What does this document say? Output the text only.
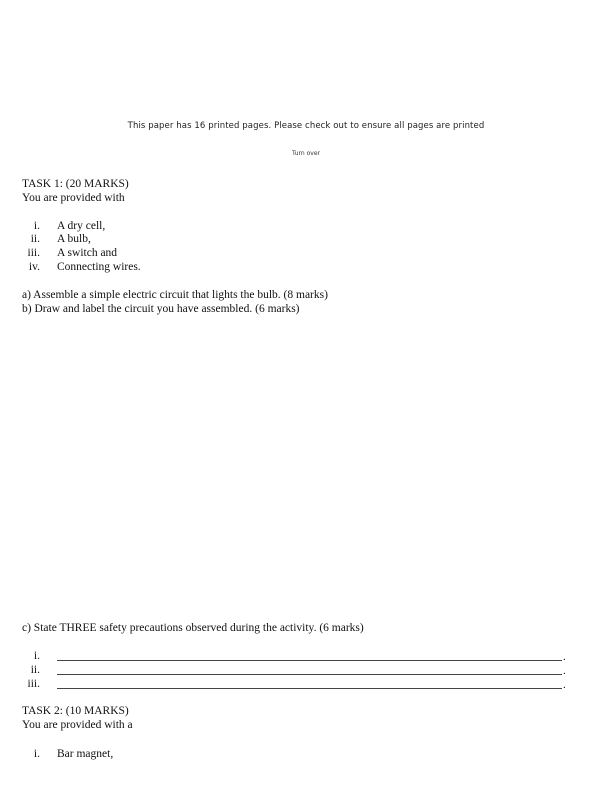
This paper has 16 printed pages. Please check out to ensure all pages are printed
Turn over
TASK 1: (20 MARKS)
You are provided with
i. A dry cell,
ii. A bulb,
iii. A switch and
iv. Connecting wires.
a) Assemble a simple electric circuit that lights the bulb. (8 marks)
b) Draw and label the circuit you have assembled. (6 marks)
c) State THREE safety precautions observed during the activity. (6 marks)
i.	.
ii.	.
iii.	.
TASK 2: (10 MARKS)
You are provided with a
i. Bar magnet,
